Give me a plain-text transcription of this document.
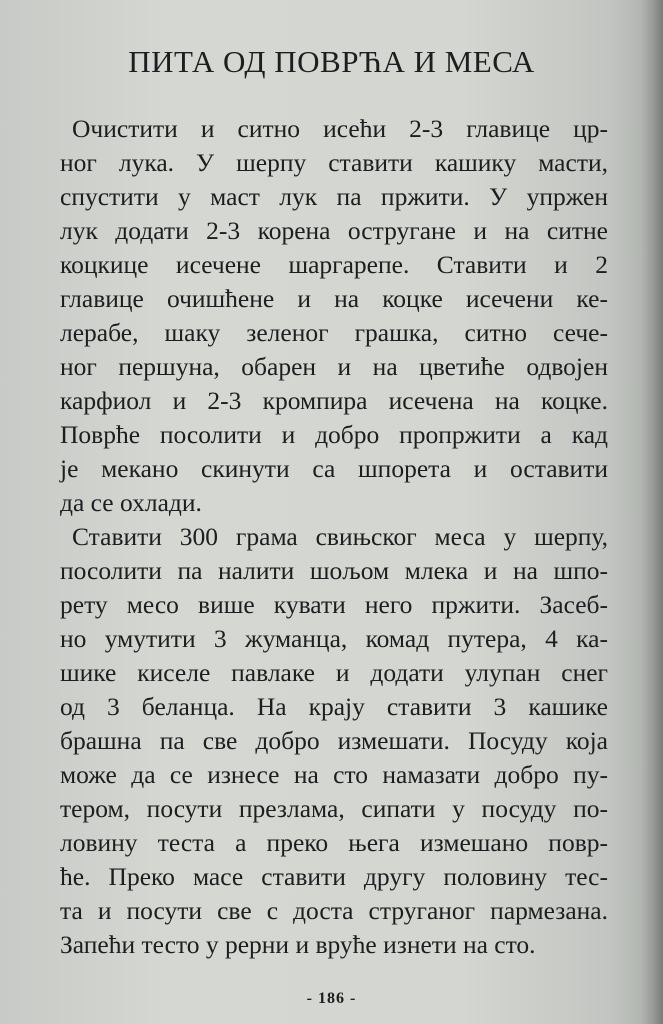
ПИТА ОД ПОВРЋА И МЕСА
Очистити и ситно исећи 2-3 главице цр-
ног лука. У шерпу ставити кашику масти,
спустити у маст лук па пржити. У упржен
лук додати 2-3 корена остругане и на ситне
коцкице исечене шаргарепе. Ставити и 2
главице очишћене и на коцке исечени ке-
лерабе, шаку зеленог грашка, ситно сече-
ног першуна, обарен и на цветиће одвојен
карфиол и 2-3 кромпира исечена на коцке.
Поврће посолити и добро пропржити а кад
је мекано скинути са шпорета и оставити
да се охлади.
Ставити 300 грама свињског меса у шерпу,
посолити па налити шољом млека и на шпо-
рету месо више кувати него пржити. Засеб-
но умутити 3 жуманца, комад путера, 4 ка-
шике киселе павлаке и додати улупан снег
од 3 беланца. На крају ставити 3 кашике
брашна па све добро измешати. Посуду која
може да се изнесе на сто намазати добро пу-
тером, посути презлама, сипати у посуду по-
ловину теста а преко њега измешано повр-
ће. Преко масе ставити другу половину тес-
та и посути све с доста струганог пармезана.
Запећи тесто у рерни и вруће изнети на сто.
- 186 -
